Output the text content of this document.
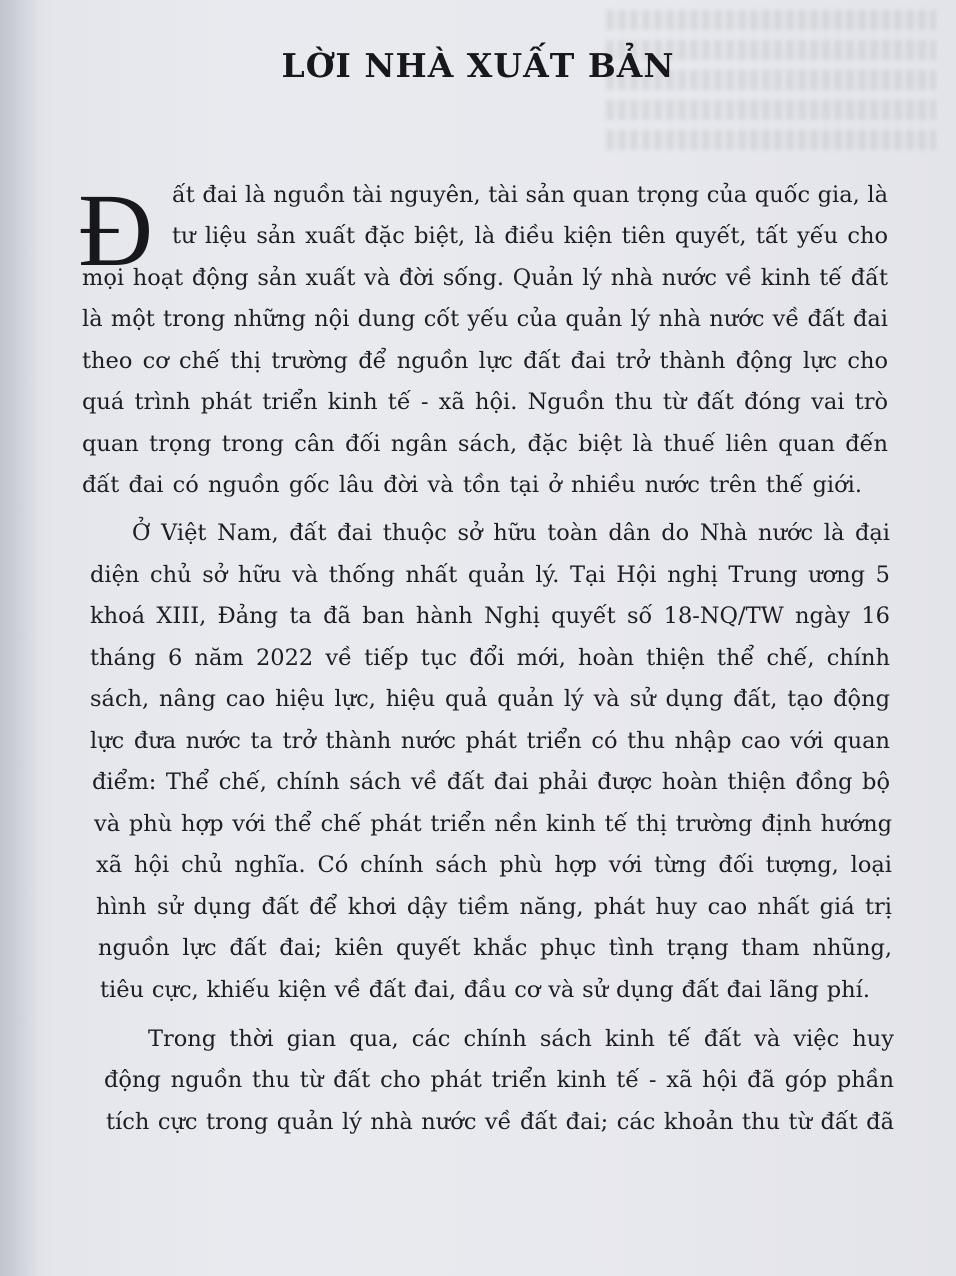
LỜI NHÀ XUẤT BẢN
Đ ất đai là nguồn tài nguyên, tài sản quan trọng của quốc gia, là
tư liệu sản xuất đặc biệt, là điều kiện tiên quyết, tất yếu cho
mọi hoạt động sản xuất và đời sống. Quản lý nhà nước về kinh tế đất
là một trong những nội dung cốt yếu của quản lý nhà nước về đất đai
theo cơ chế thị trường để nguồn lực đất đai trở thành động lực cho
quá trình phát triển kinh tế - xã hội. Nguồn thu từ đất đóng vai trò
quan trọng trong cân đối ngân sách, đặc biệt là thuế liên quan đến
đất đai có nguồn gốc lâu đời và tồn tại ở nhiều nước trên thế giới.
Ở Việt Nam, đất đai thuộc sở hữu toàn dân do Nhà nước là đại
diện chủ sở hữu và thống nhất quản lý. Tại Hội nghị Trung ương 5
khoá XIII, Đảng ta đã ban hành Nghị quyết số 18-NQ/TW ngày 16
tháng 6 năm 2022 về tiếp tục đổi mới, hoàn thiện thể chế, chính
sách, nâng cao hiệu lực, hiệu quả quản lý và sử dụng đất, tạo động
lực đưa nước ta trở thành nước phát triển có thu nhập cao với quan
điểm: Thể chế, chính sách về đất đai phải được hoàn thiện đồng bộ
và phù hợp với thể chế phát triển nền kinh tế thị trường định hướng
xã hội chủ nghĩa. Có chính sách phù hợp với từng đối tượng, loại
hình sử dụng đất để khơi dậy tiềm năng, phát huy cao nhất giá trị
nguồn lực đất đai; kiên quyết khắc phục tình trạng tham nhũng,
tiêu cực, khiếu kiện về đất đai, đầu cơ và sử dụng đất đai lãng phí.
Trong thời gian qua, các chính sách kinh tế đất và việc huy
động nguồn thu từ đất cho phát triển kinh tế - xã hội đã góp phần
tích cực trong quản lý nhà nước về đất đai; các khoản thu từ đất đã
